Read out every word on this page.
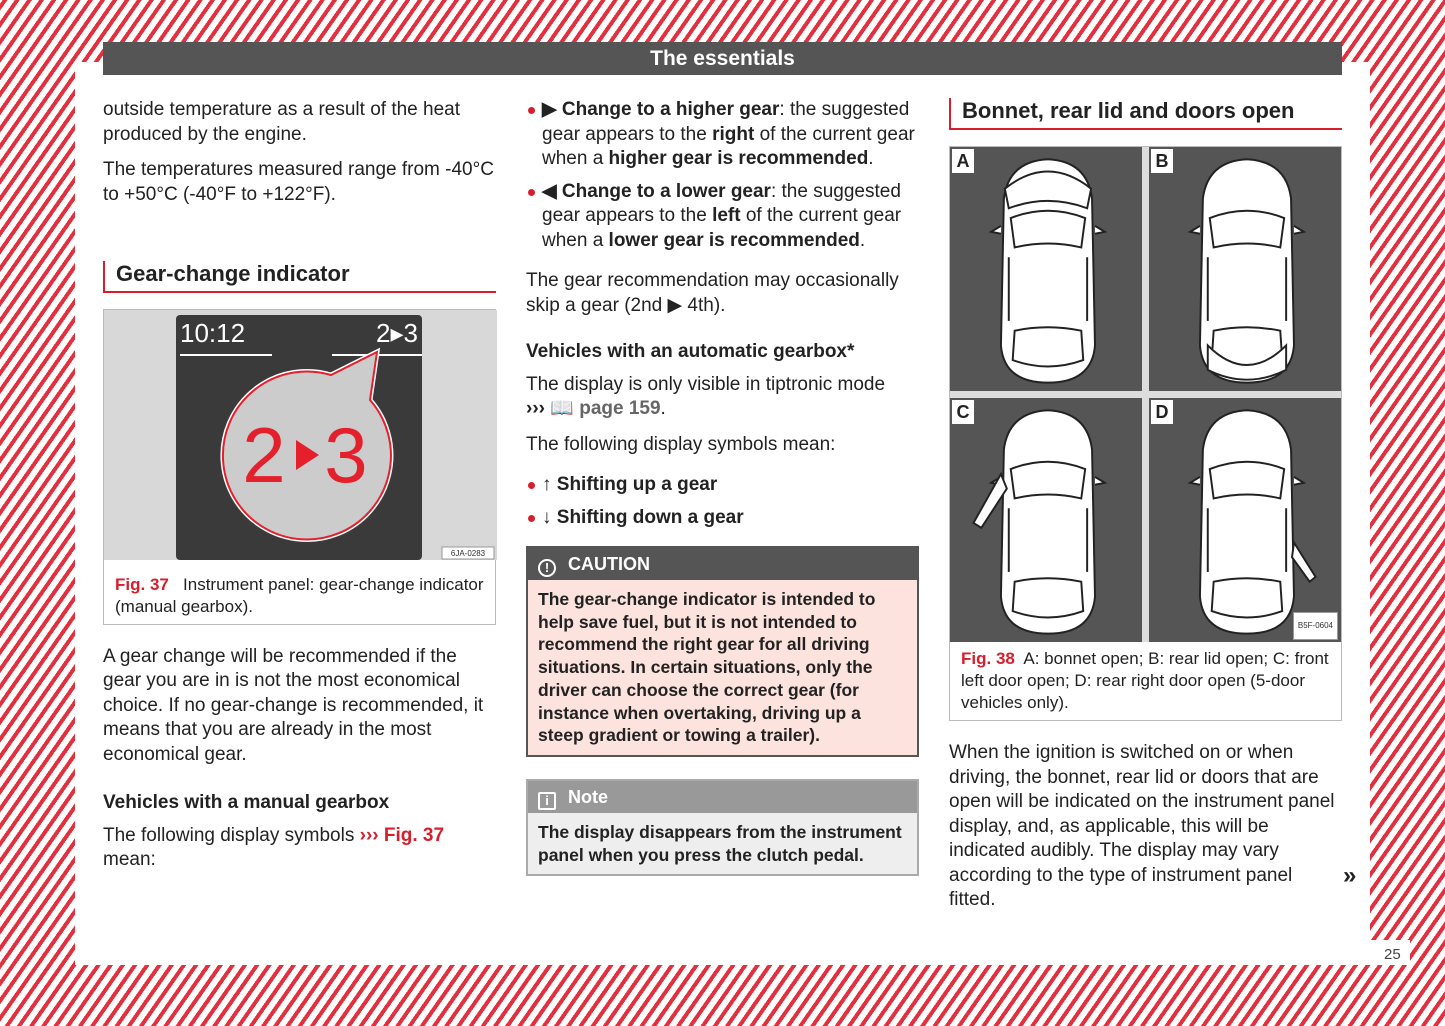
25
The essentials

outside temperature as a result of the heat produced by the engine.

The temperatures measured range from -40°C to +50°C (-40°F to +122°F).

Gear-change indicator
10:12	2▸3
2 3
6JA-0283
Fig. 37 Instrument panel: gear-change indicator (manual gearbox).

A gear change will be recommended if the gear you are in is not the most economical choice. If no gear-change is recommended, it means that you are already in the most economical gear.

Vehicles with a manual gearbox

The following display symbols ››› Fig. 37
mean:

▶ Change to a higher gear: the suggested gear appears to the right of the current gear when a higher gear is recommended.
◀ Change to a lower gear: the suggested gear appears to the left of the current gear when a lower gear is recommended.

The gear recommendation may occasionally skip a gear (2nd ▶ 4th).

Vehicles with an automatic gearbox*

The display is only visible in tiptronic mode
››› 📖 page 159.

The following display symbols mean:

↑ Shifting up a gear
↓ Shifting down a gear
! CAUTION
The gear-change indicator is intended to help save fuel, but it is not intended to recommend the right gear for all driving situations. In certain situations, only the driver can choose the correct gear (for instance when overtaking, driving up a steep gradient or towing a trailer).
i Note
The display disappears from the instrument panel when you press the clutch pedal.
Bonnet, rear lid and doors open
A	B
C	D
B5F-0604
Fig. 38 A: bonnet open; B: rear lid open; C: front left door open; D: rear right door open (5-door vehicles only).

When the ignition is switched on or when driving, the bonnet, rear lid or doors that are open will be indicated on the instrument panel display, and, as applicable, this will be indicated audibly. The display may vary according to the type of instrument panel fitted.

»
